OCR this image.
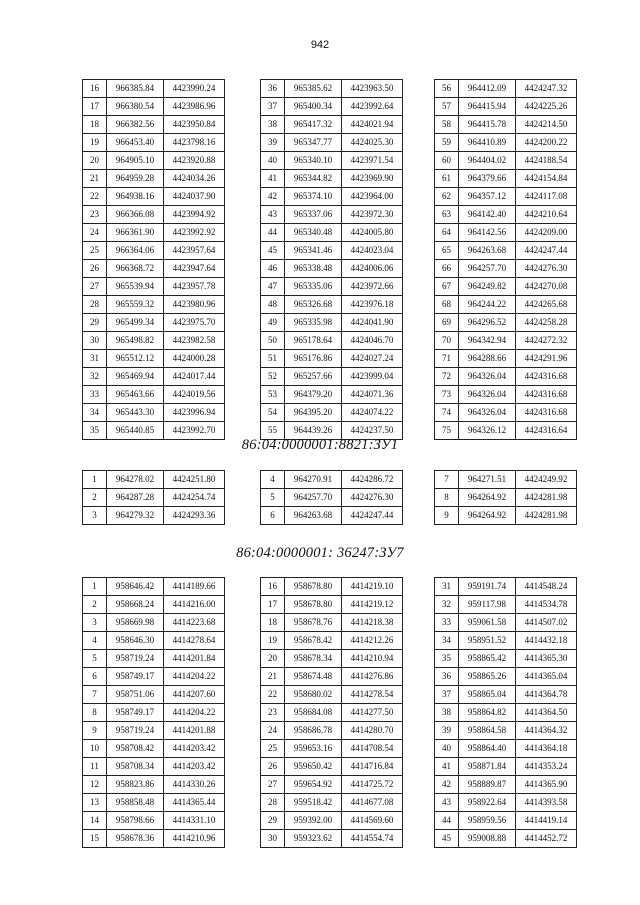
942
16	966385.84	4423990.24
17	966380.54	4423986.96
18	966382.56	4423950.84
19	966453.40	4423798.16
20	964905.10	4423920.88
21	964959.28	4424034.26
22	964938.16	4424037.90
23	966366.08	4423994.92
24	966361.90	4423992.92
25	966364.06	4423957.64
26	966368.72	4423947.64
27	965539.94	4423957.78
28	965559.32	4423980.96
29	965499.34	4423975.70
30	965498.82	4423982.58
31	965512.12	4424000.28
32	965469.94	4424017.44
33	965463.66	4424019.56
34	965443.30	4423996.94
35	965440.85	4423992.70
36	965385.62	4423963.50
37	965400.34	4423992.64
38	965417.32	4424021.94
39	965347.77	4424025.30
40	965340.10	4423971.54
41	965344.82	4423969.90
42	965374.10	4423964.00
43	965337.06	4423972.30
44	965340.48	4424005.80
45	965341.46	4424023.04
46	965338.48	4424006.06
47	965335.06	4423972.66
48	965326.68	4423976.18
49	965335.98	4424041.90
50	965178.64	4424046.70
51	965176.86	4424027.24
52	965257.66	4423999.04
53	964379.20	4424071.36
54	964395.20	4424074.22
55	964439.26	4424237.50
56	964412.09	4424247.32
57	964415.94	4424225.26
58	964415.78	4424214.50
59	964410.89	4424200.22
60	964404.02	4424188.54
61	964379.66	4424154.84
62	964357.12	4424117.08
63	964142.40	4424210.64
64	964142.56	4424209.00
65	964263.68	4424247.44
66	964257.70	4424276.30
67	964249.82	4424270.08
68	964244.22	4424265.68
69	964296.52	4424258.28
70	964342.94	4424272.32
71	964288.66	4424291.96
72	964326.04	4424316.68
73	964326.04	4424316.68
74	964326.04	4424316.68
75	964326.12	4424316.64
86:04:0000001:8821:ЗУ1
1	964278.02	4424251.80
2	964287.28	4424254.74
3	964279.32	4424293.36
4	964270.91	4424286.72
5	964257.70	4424276.30
6	964263.68	4424247.44
7	964271.51	4424249.92
8	964264.92	4424281.98
9	964264.92	4424281.98
86:04:0000001: 36247:ЗУ7
1	958646.42	4414189.66
2	958668.24	4414216.00
3	958669.98	4414223.68
4	958646.30	4414278.64
5	958719.24	4414201.84
6	958749.17	4414204.22
7	958751.06	4414207.60
8	958749.17	4414204.22
9	958719.24	4414201.88
10	958708.42	4414203.42
11	958708.34	4414203.42
12	958823.86	4414330.26
13	958858.48	4414365.44
14	958798.66	4414331.10
15	958678.36	4414210.96
16	958678.80	4414219.10
17	958678.80	4414219.12
18	958678.76	4414218.38
19	958678.42	4414212.26
20	958678.34	4414210.94
21	958674.48	4414276.86
22	958680.02	4414278.54
23	958684.08	4414277.50
24	958686.78	4414280.70
25	959653.16	4414708.54
26	959650.42	4414716.84
27	959654.92	4414725.72
28	959518.42	4414677.08
29	959392.00	4414569.60
30	959323.62	4414554.74
31	959191.74	4414548.24
32	959117.98	4414534.78
33	959061.58	4414507.02
34	958951.52	4414432.18
35	958865.42	4414365.30
36	958865.26	4414365.04
37	958865.04	4414364.78
38	958864.82	4414364.50
39	958864.58	4414364.32
40	958864.40	4414364.18
41	958871.84	4414353.24
42	958889.87	4414365.90
43	958922.64	4414393.58
44	958959.56	4414419.14
45	959008.88	4414452.72
